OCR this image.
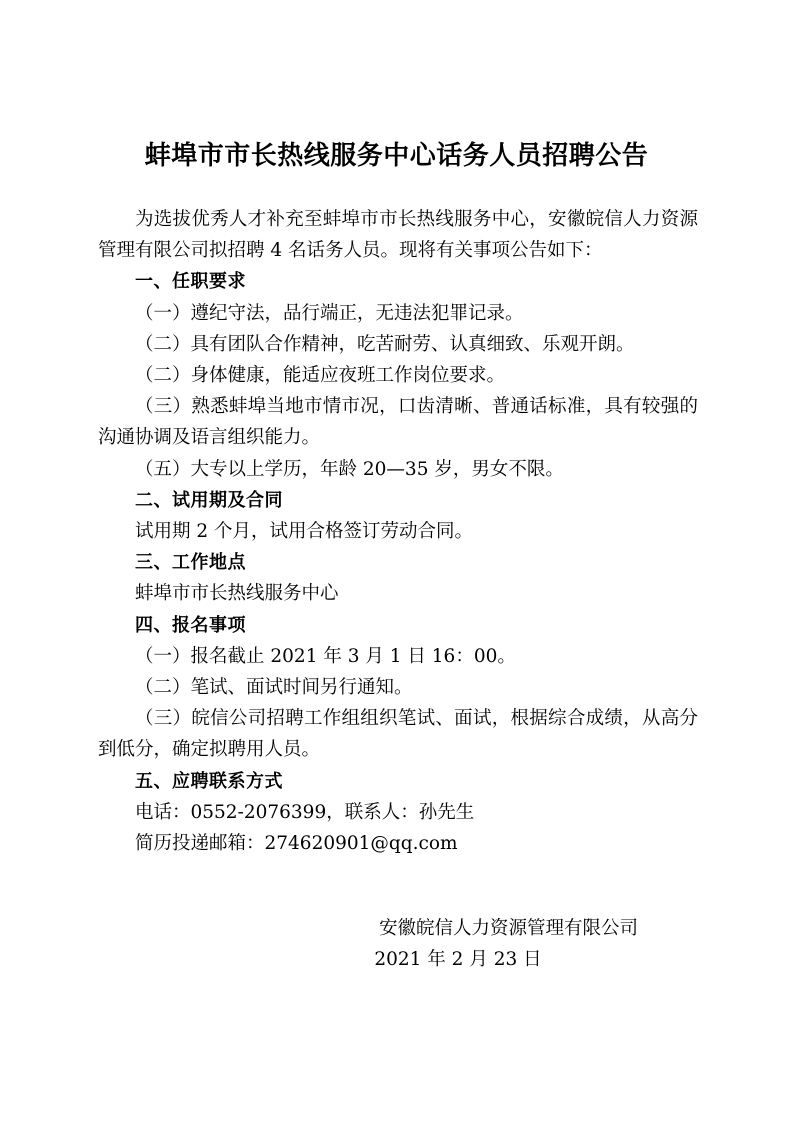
蚌埠市市长热线服务中心话务人员招聘公告

为选拔优秀人才补充至蚌埠市市长热线服务中心，安徽皖信人力资源管理有限公司拟招聘 4 名话务人员。现将有关事项公告如下：

一、任职要求

（一）遵纪守法，品行端正，无违法犯罪记录。

（二）具有团队合作精神，吃苦耐劳、认真细致、乐观开朗。

（二）身体健康，能适应夜班工作岗位要求。

（三）熟悉蚌埠当地市情市况，口齿清晰、普通话标准，具有较强的沟通协调及语言组织能力。

（五）大专以上学历，年龄 20—35 岁，男女不限。

二、试用期及合同

试用期 2 个月，试用合格签订劳动合同。

三、工作地点

蚌埠市市长热线服务中心

四、报名事项

（一）报名截止 2021 年 3 月 1 日 16：00。

（二）笔试、面试时间另行通知。

（三）皖信公司招聘工作组组织笔试、面试，根据综合成绩，从高分到低分，确定拟聘用人员。

五、应聘联系方式

电话：0552-2076399，联系人：孙先生

简历投递邮箱：274620901@qq.com

安徽皖信人力资源管理有限公司
2021 年 2 月 23 日
